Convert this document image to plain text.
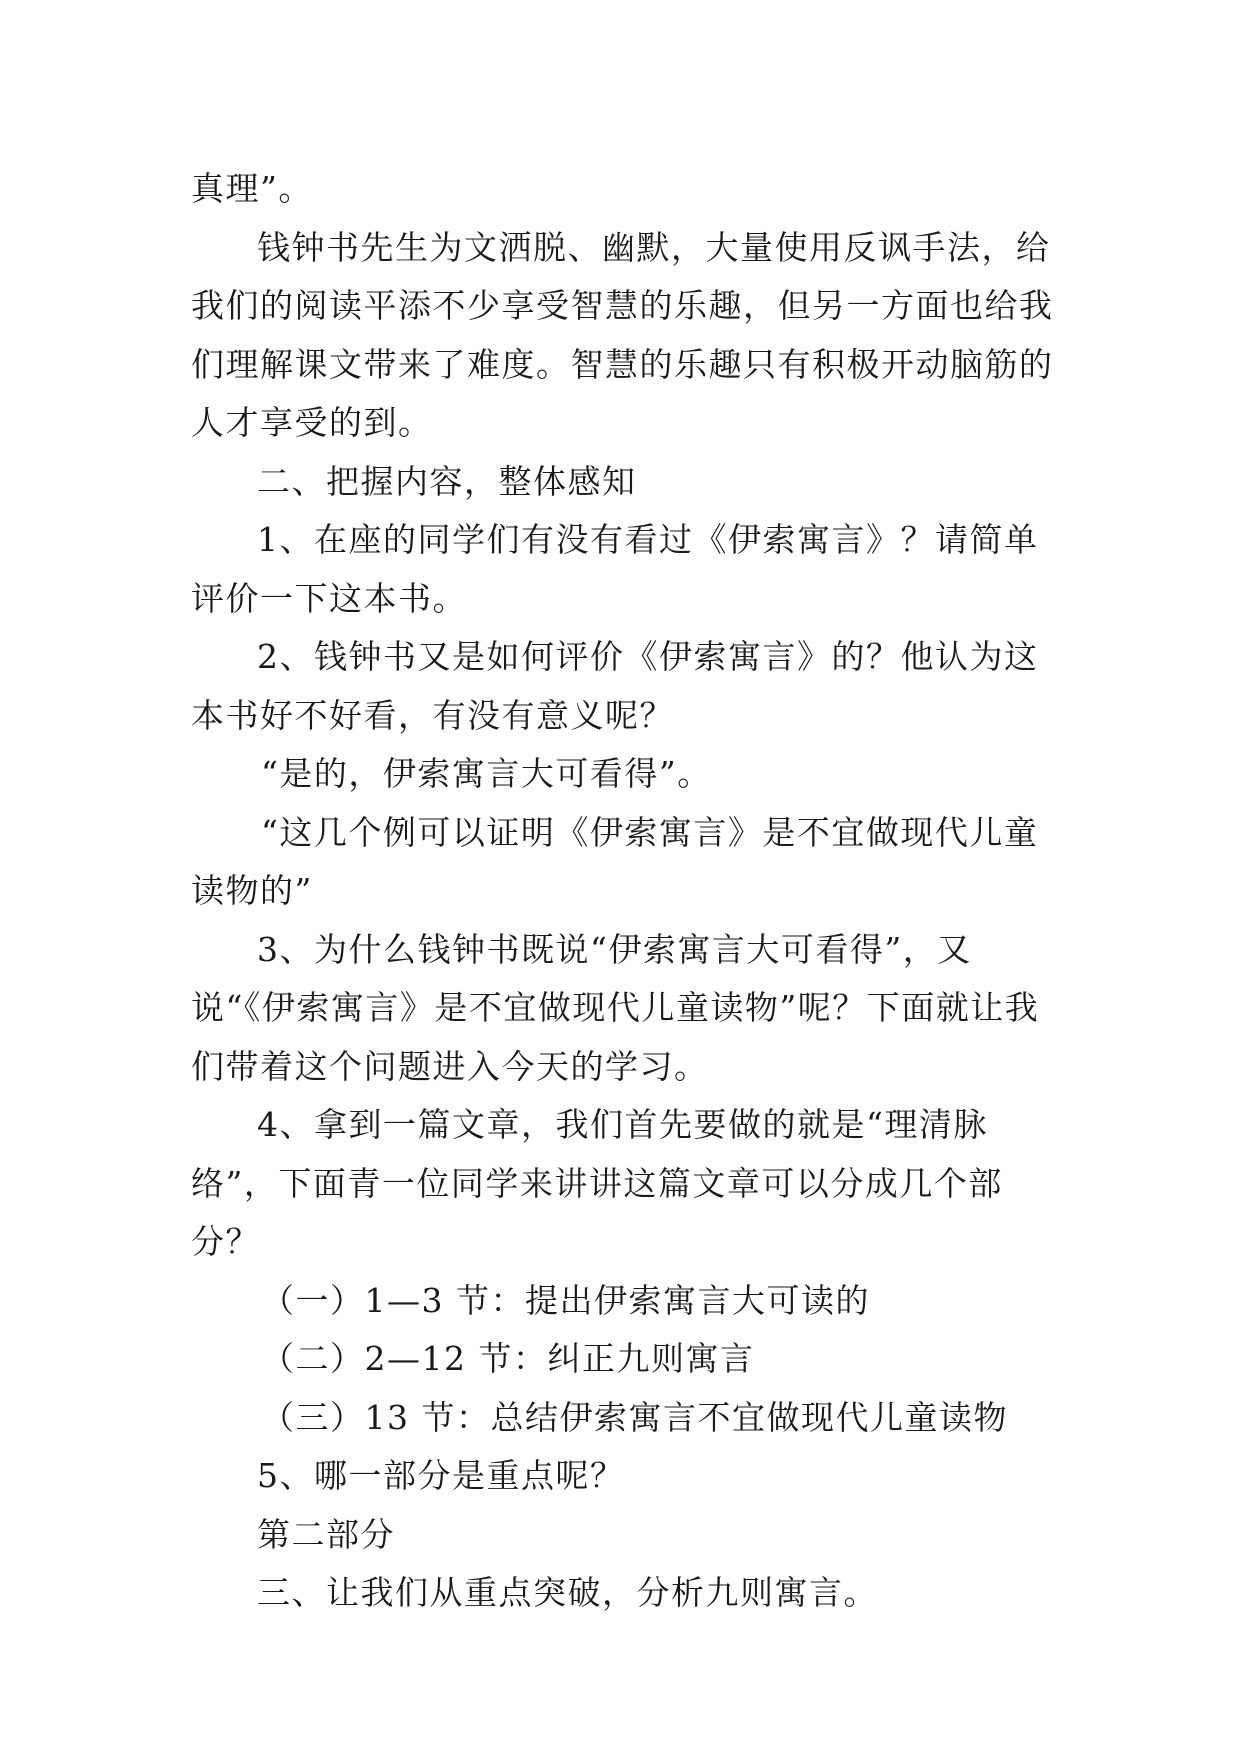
真理”。

钱钟书先生为文洒脱、幽默，大量使用反讽手法，给我们的阅读平添不少享受智慧的乐趣，但另一方面也给我们理解课文带来了难度。智慧的乐趣只有积极开动脑筋的人才享受的到。

二、把握内容，整体感知

1、在座的同学们有没有看过《伊索寓言》？请简单评价一下这本书。

2、钱钟书又是如何评价《伊索寓言》的？他认为这本书好不好看，有没有意义呢？

“是的，伊索寓言大可看得”。

“这几个例可以证明《伊索寓言》是不宜做现代儿童读物的”

3、为什么钱钟书既说“伊索寓言大可看得”，又说“《伊索寓言》是不宜做现代儿童读物”呢？下面就让我们带着这个问题进入今天的学习。

4、拿到一篇文章，我们首先要做的就是“理清脉络”，下面青一位同学来讲讲这篇文章可以分成几个部分？

（一）1—3 节：提出伊索寓言大可读的

（二）2—12 节：纠正九则寓言

（三）13 节：总结伊索寓言不宜做现代儿童读物

5、哪一部分是重点呢？

第二部分

三、让我们从重点突破，分析九则寓言。
